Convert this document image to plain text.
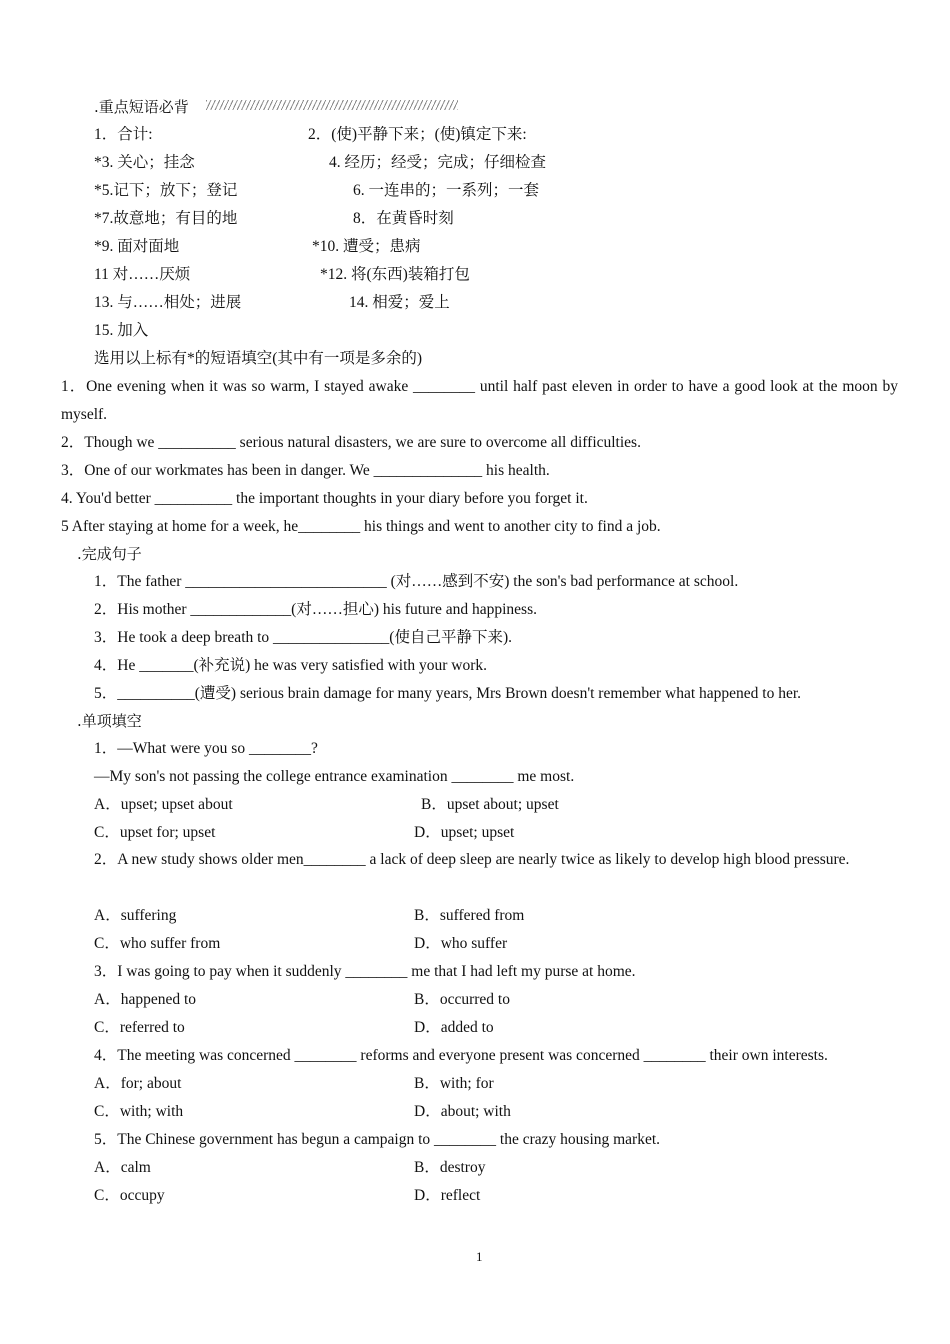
.重点短语必背
1．合计:	2．(使)平静下来；(使)镇定下来:
*3. 关心；挂念	4. 经历；经受；完成；仔细检查
*5.记下；放下；登记	6. 一连串的；一系列；一套
*7.故意地；有目的地	8．在黄昏时刻
*9. 面对面地	*10. 遭受；患病
11 对……厌烦	*12. 将(东西)装箱打包
13. 与……相处；进展	14. 相爱；爱上
15. 加入
选用以上标有*的短语填空(其中有一项是多余的)
1．One evening when it was so warm, I stayed awake ________ until half past eleven in order to have a good look at the moon by myself.
2．Though we __________ serious natural disasters, we are sure to overcome all difficulties.
3．One of our workmates has been in danger. We ______________ his health.
4. You'd better __________ the important thoughts in your diary before you forget it.
5 After staying at home for a week, he________ his things and went to another city to find a job.
.完成句子
1．The father __________________________ (对……感到不安) the son's bad performance at school.
2．His mother _____________(对……担心) his future and happiness.
3．He took a deep breath to _______________(使自己平静下来).
4．He _______(补充说) he was very satisfied with your work.
5．__________(遭受) serious brain damage for many years, Mrs Brown doesn't remember what happened to her.
.单项填空
1．—What were you so ________?
—My son's not passing the college entrance examination ________ me most.
A．upset; upset about	B．upset about; upset
C．upset for; upset	D．upset; upset
2．A new study shows older men________ a lack of deep sleep are nearly twice as likely to develop high blood pressure.
A．suffering	B．suffered from
C．who suffer from	D．who suffer
3．I was going to pay when it suddenly ________ me that I had left my purse at home.
A．happened to	B．occurred to
C．referred to	D．added to
4．The meeting was concerned ________ reforms and everyone present was concerned ________ their own interests.
A．for; about	B．with; for
C．with; with	D．about; with
5．The Chinese government has begun a campaign to ________ the crazy housing market.
A．calm	B．destroy
C．occupy	D．reflect
1
